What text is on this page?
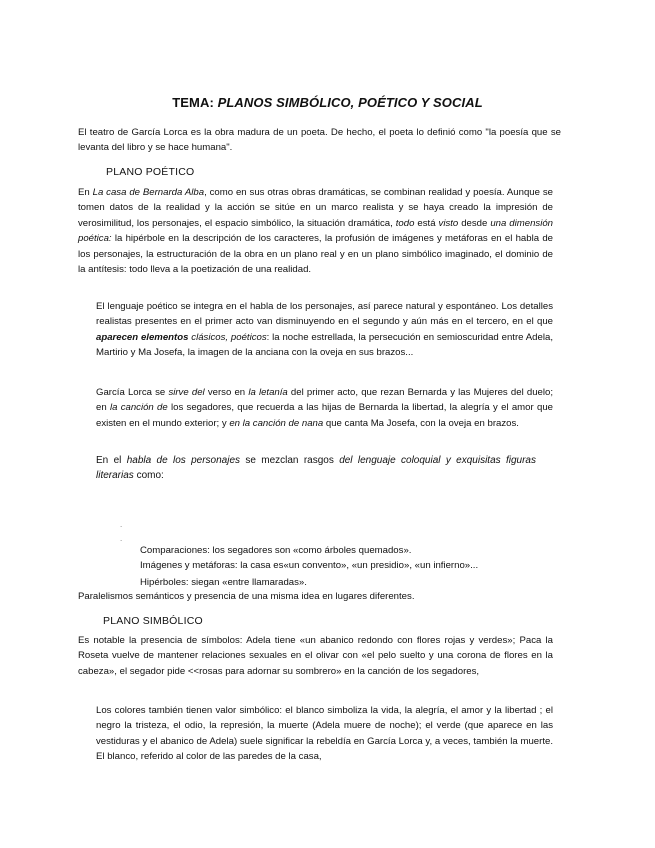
TEMA: PLANOS SIMBÓLICO, POÉTICO Y SOCIAL
El teatro de García Lorca es la obra madura de un poeta. De hecho, el poeta lo definió como "la poesía que se levanta del libro y se hace humana".
PLANO POÉTICO
En La casa de Bernarda Alba, como en sus otras obras dramáticas, se combinan realidad y poesía. Aunque se tomen datos de la realidad y la acción se sitúe en un marco realista y se haya creado la impresión de verosimilitud, los personajes, el espacio simbólico, la situación dramática, todo está visto desde una dimensión poética: la hipérbole en la descripción de los caracteres, la profusión de imágenes y metáforas en el habla de los personajes, la estructuración de la obra en un plano real y en un plano simbólico imaginado, el dominio de la antítesis: todo lleva a la poetización de una realidad.
El lenguaje poético se integra en el habla de los personajes, así parece natural y espontáneo. Los detalles realistas presentes en el primer acto van disminuyendo en el segundo y aún más en el tercero, en el que aparecen elementos clásicos, poéticos: la noche estrellada, la persecución en semioscuridad entre Adela, Martirio y Ma Josefa, la imagen de la anciana con la oveja en sus brazos...
García Lorca se sirve del verso en la letanía del primer acto, que rezan Bernarda y las Mujeres del duelo; en la canción de los segadores, que recuerda a las hijas de Bernarda la libertad, la alegría y el amor que existen en el mundo exterior; y en la canción de nana que canta Ma Josefa, con la oveja en brazos.
En el habla de los personajes se mezclan rasgos del lenguaje coloquial y exquisitas figuras literarias como:
.
.
Comparaciones: los segadores son «como árboles quemados».
Imágenes y metáforas: la casa es«un convento», «un presidio», «un infierno»...
Hipérboles: siegan «entre llamaradas».
Paralelismos semánticos y presencia de una misma idea en lugares diferentes.
PLANO SIMBÓLICO
Es notable la presencia de símbolos: Adela tiene «un abanico redondo con flores rojas y verdes»; Paca la Roseta vuelve de mantener relaciones sexuales en el olivar con «el pelo suelto y una corona de flores en la cabeza», el segador pide <<rosas para adornar su sombrero» en la canción de los segadores,
Los colores también tienen valor simbólico: el blanco simboliza la vida, la alegría, el amor y la libertad ; el negro la tristeza, el odio, la represión, la muerte (Adela muere de noche); el verde (que aparece en las vestiduras y el abanico de Adela) suele significar la rebeldía en García Lorca y, a veces, también la muerte. El blanco, referido al color de las paredes de la casa,
